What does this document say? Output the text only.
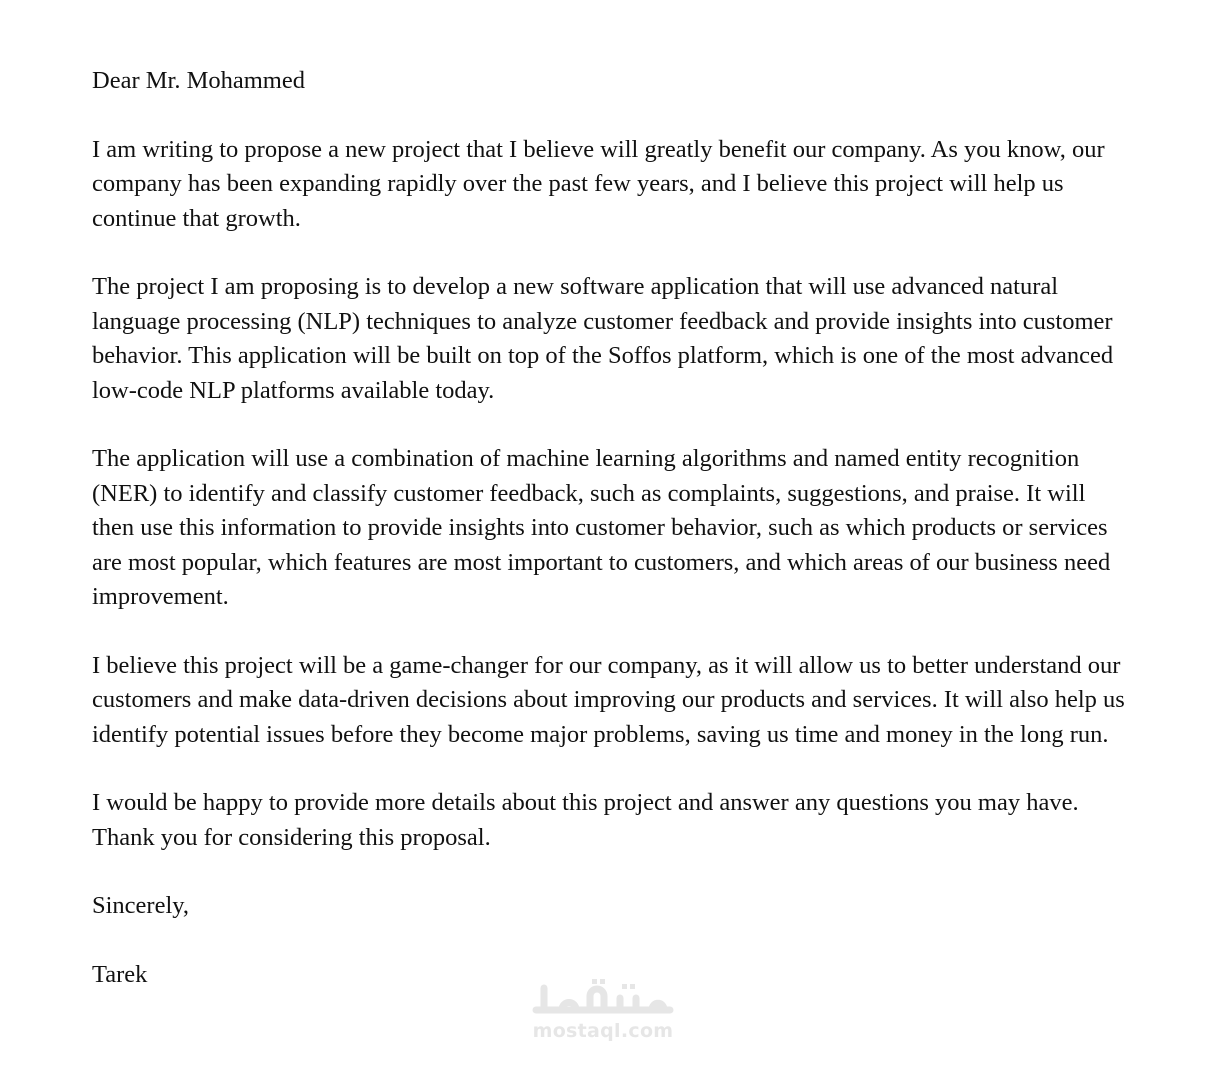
Dear Mr. Mohammed

I am writing to propose a new project that I believe will greatly benefit our company. As you know, our company has been expanding rapidly over the past few years, and I believe this project will help us continue that growth.

The project I am proposing is to develop a new software application that will use advanced natural language processing (NLP) techniques to analyze customer feedback and provide insights into customer behavior. This application will be built on top of the Soffos platform, which is one of the most advanced low-code NLP platforms available today.

The application will use a combination of machine learning algorithms and named entity recognition (NER) to identify and classify customer feedback, such as complaints, suggestions, and praise. It will then use this information to provide insights into customer behavior, such as which products or services are most popular, which features are most important to customers, and which areas of our business need improvement.

I believe this project will be a game-changer for our company, as it will allow us to better understand our customers and make data-driven decisions about improving our products and services. It will also help us identify potential issues before they become major problems, saving us time and money in the long run.

I would be happy to provide more details about this project and answer any questions you may have. Thank you for considering this proposal.

Sincerely,

Tarek

mostaql.com
